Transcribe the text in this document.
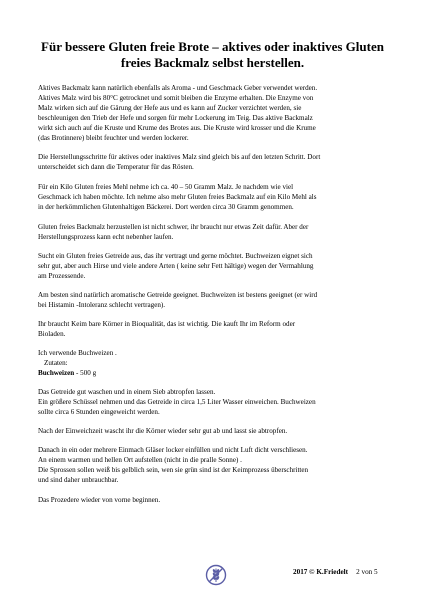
Für bessere Gluten freie Brote – aktives oder inaktives Gluten freies Backmalz selbst herstellen.

Aktives Backmalz kann natürlich ebenfalls als Aroma - und Geschmack Geber verwendet werden.
Aktives Malz wird bis 80°C getrocknet und somit bleiben die Enzyme erhalten. Die Enzyme von
Malz wirken sich auf die Gärung der Hefe aus und es kann auf Zucker verzichtet werden, sie
beschleunigen den Trieb der Hefe und sorgen für mehr Lockerung im Teig. Das aktive Backmalz
wirkt sich auch auf die Kruste und Krume des Brotes aus. Die Kruste wird krosser und die Krume
(das Brotinnere) bleibt feuchter und werden lockerer.

Die Herstellungsschritte für aktives oder inaktives Malz sind gleich bis auf den letzten Schritt. Dort
unterscheidet sich dann die Temperatur für das Rösten.

Für ein Kilo Gluten freies Mehl nehme ich ca. 40 – 50 Gramm Malz. Je nachdem wie viel
Geschmack ich haben möchte. Ich nehme also mehr Gluten freies Backmalz auf ein Kilo Mehl als
in der herkömmlichen Glutenhaltigen Bäckerei. Dort werden circa 30 Gramm genommen.

Gluten freies Backmalz herzustellen ist nicht schwer, ihr braucht nur etwas Zeit dafür. Aber der
Herstellungsprozess kann echt nebenher laufen.

Sucht ein Gluten freies Getreide aus, das ihr vertragt und gerne möchtet. Buchweizen eignet sich
sehr gut, aber auch Hirse und viele andere Arten ( keine sehr Fett hältige) wegen der Vermahlung
am Prozessende.

Am besten sind natürlich aromatische Getreide geeignet. Buchweizen ist bestens geeignet (er wird
bei Histamin -Intoleranz schlecht vertragen).

Ihr braucht Keim bare Körner in Bioqualität, das ist wichtig. Die kauft Ihr im Reform oder
Bioladen.

Ich verwende Buchweizen .
Zutaten:
Buchweizen - 500 g

Das Getreide gut waschen und in einem Sieb abtropfen lassen.
Ein größere Schüssel nehmen und das Getreide in circa 1,5 Liter Wasser einweichen. Buchweizen
sollte circa 6 Stunden eingeweicht werden.

Nach der Einweichzeit wascht ihr die Körner wieder sehr gut ab und lasst sie abtropfen.

Danach in ein oder mehrere Einmach Gläser locker einfüllen und nicht Luft dicht verschliesen.
An einem warmen und hellen Ort aufstellen (nicht in die pralle Sonne) .
Die Sprossen sollen weiß bis gelblich sein, wen sie grün sind ist der Keimprozess überschritten
und sind daher unbrauchbar.

Das Prozedere wieder von vorne beginnen.

2017 © K.Friedelt 2 von 5
